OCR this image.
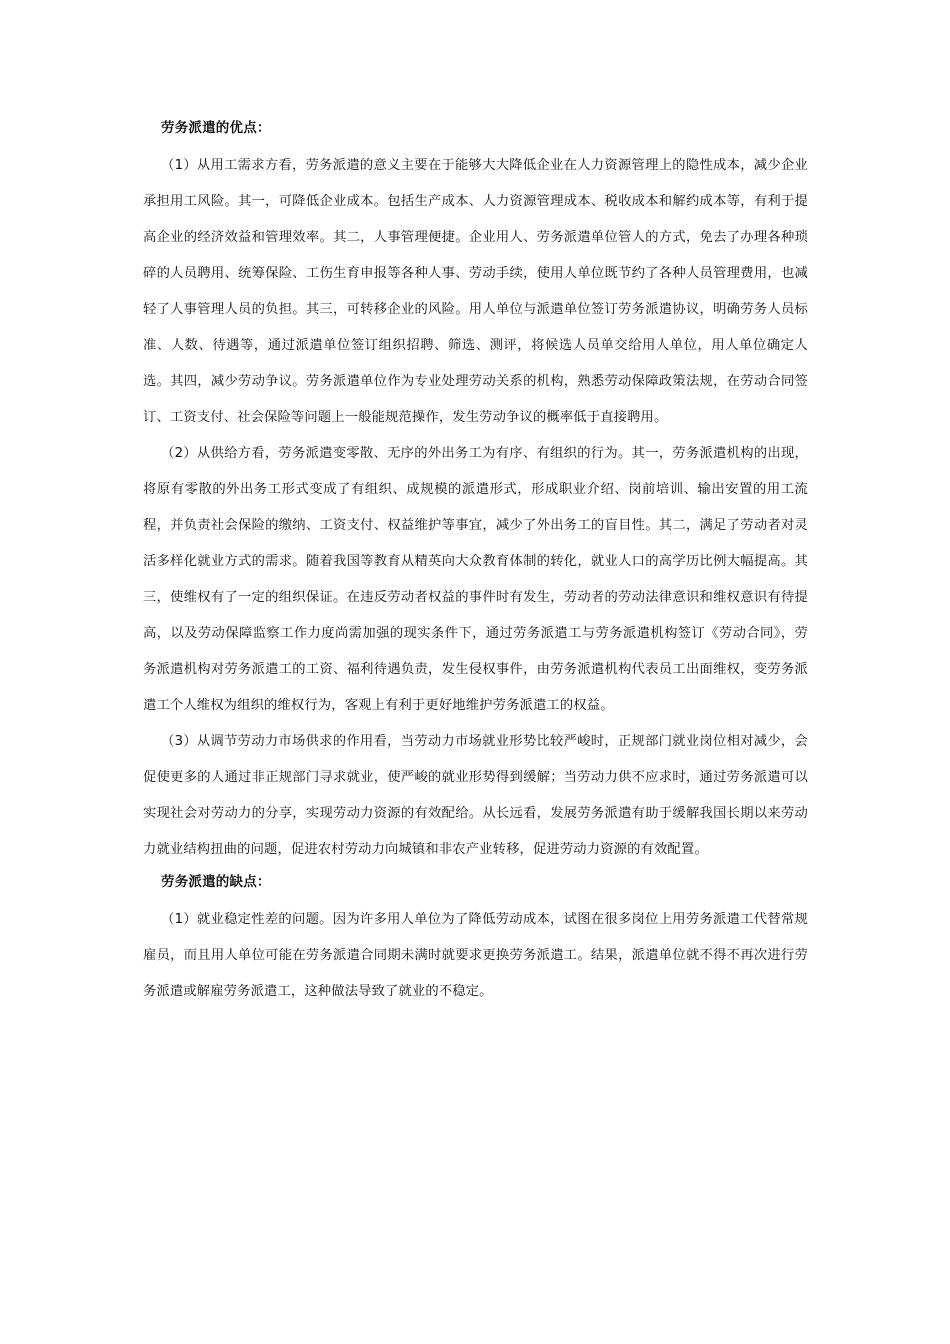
劳务派遣的优点：

（1）从用工需求方看，劳务派遣的意义主要在于能够大大降低企业在人力资源管理上的隐性成本，减少企业承担用工风险。其一，可降低企业成本。包括生产成本、人力资源管理成本、税收成本和解约成本等，有利于提高企业的经济效益和管理效率。其二，人事管理便捷。企业用人、劳务派遣单位管人的方式，免去了办理各种琐碎的人员聘用、统筹保险、工伤生育申报等各种人事、劳动手续，使用人单位既节约了各种人员管理费用，也减轻了人事管理人员的负担。其三，可转移企业的风险。用人单位与派遣单位签订劳务派遣协议，明确劳务人员标准、人数、待遇等，通过派遣单位签订组织招聘、筛选、测评，将候选人员单交给用人单位，用人单位确定人选。其四，减少劳动争议。劳务派遣单位作为专业处理劳动关系的机构，熟悉劳动保障政策法规，在劳动合同签订、工资支付、社会保险等问题上一般能规范操作，发生劳动争议的概率低于直接聘用。

（2）从供给方看，劳务派遣变零散、无序的外出务工为有序、有组织的行为。其一，劳务派遣机构的出现，将原有零散的外出务工形式变成了有组织、成规模的派遣形式，形成职业介绍、岗前培训、输出安置的用工流程，并负责社会保险的缴纳、工资支付、权益维护等事宜，减少了外出务工的盲目性。其二，满足了劳动者对灵活多样化就业方式的需求。随着我国等教育从精英向大众教育体制的转化，就业人口的高学历比例大幅提高。其三，使维权有了一定的组织保证。在违反劳动者权益的事件时有发生，劳动者的劳动法律意识和维权意识有待提高，以及劳动保障监察工作力度尚需加强的现实条件下，通过劳务派遣工与劳务派遣机构签订《劳动合同》，劳务派遣机构对劳务派遣工的工资、福利待遇负责，发生侵权事件，由劳务派遣机构代表员工出面维权，变劳务派遣工个人维权为组织的维权行为，客观上有利于更好地维护劳务派遣工的权益。

（3）从调节劳动力市场供求的作用看，当劳动力市场就业形势比较严峻时，正规部门就业岗位相对减少，会促使更多的人通过非正规部门寻求就业，使严峻的就业形势得到缓解；当劳动力供不应求时，通过劳务派遣可以实现社会对劳动力的分享，实现劳动力资源的有效配给。从长远看，发展劳务派遣有助于缓解我国长期以来劳动力就业结构扭曲的问题，促进农村劳动力向城镇和非农产业转移，促进劳动力资源的有效配置。

劳务派遣的缺点：

（1）就业稳定性差的问题。因为许多用人单位为了降低劳动成本，试图在很多岗位上用劳务派遣工代替常规雇员，而且用人单位可能在劳务派遣合同期未满时就要求更换劳务派遣工。结果，派遣单位就不得不再次进行劳务派遣或解雇劳务派遣工，这种做法导致了就业的不稳定。
